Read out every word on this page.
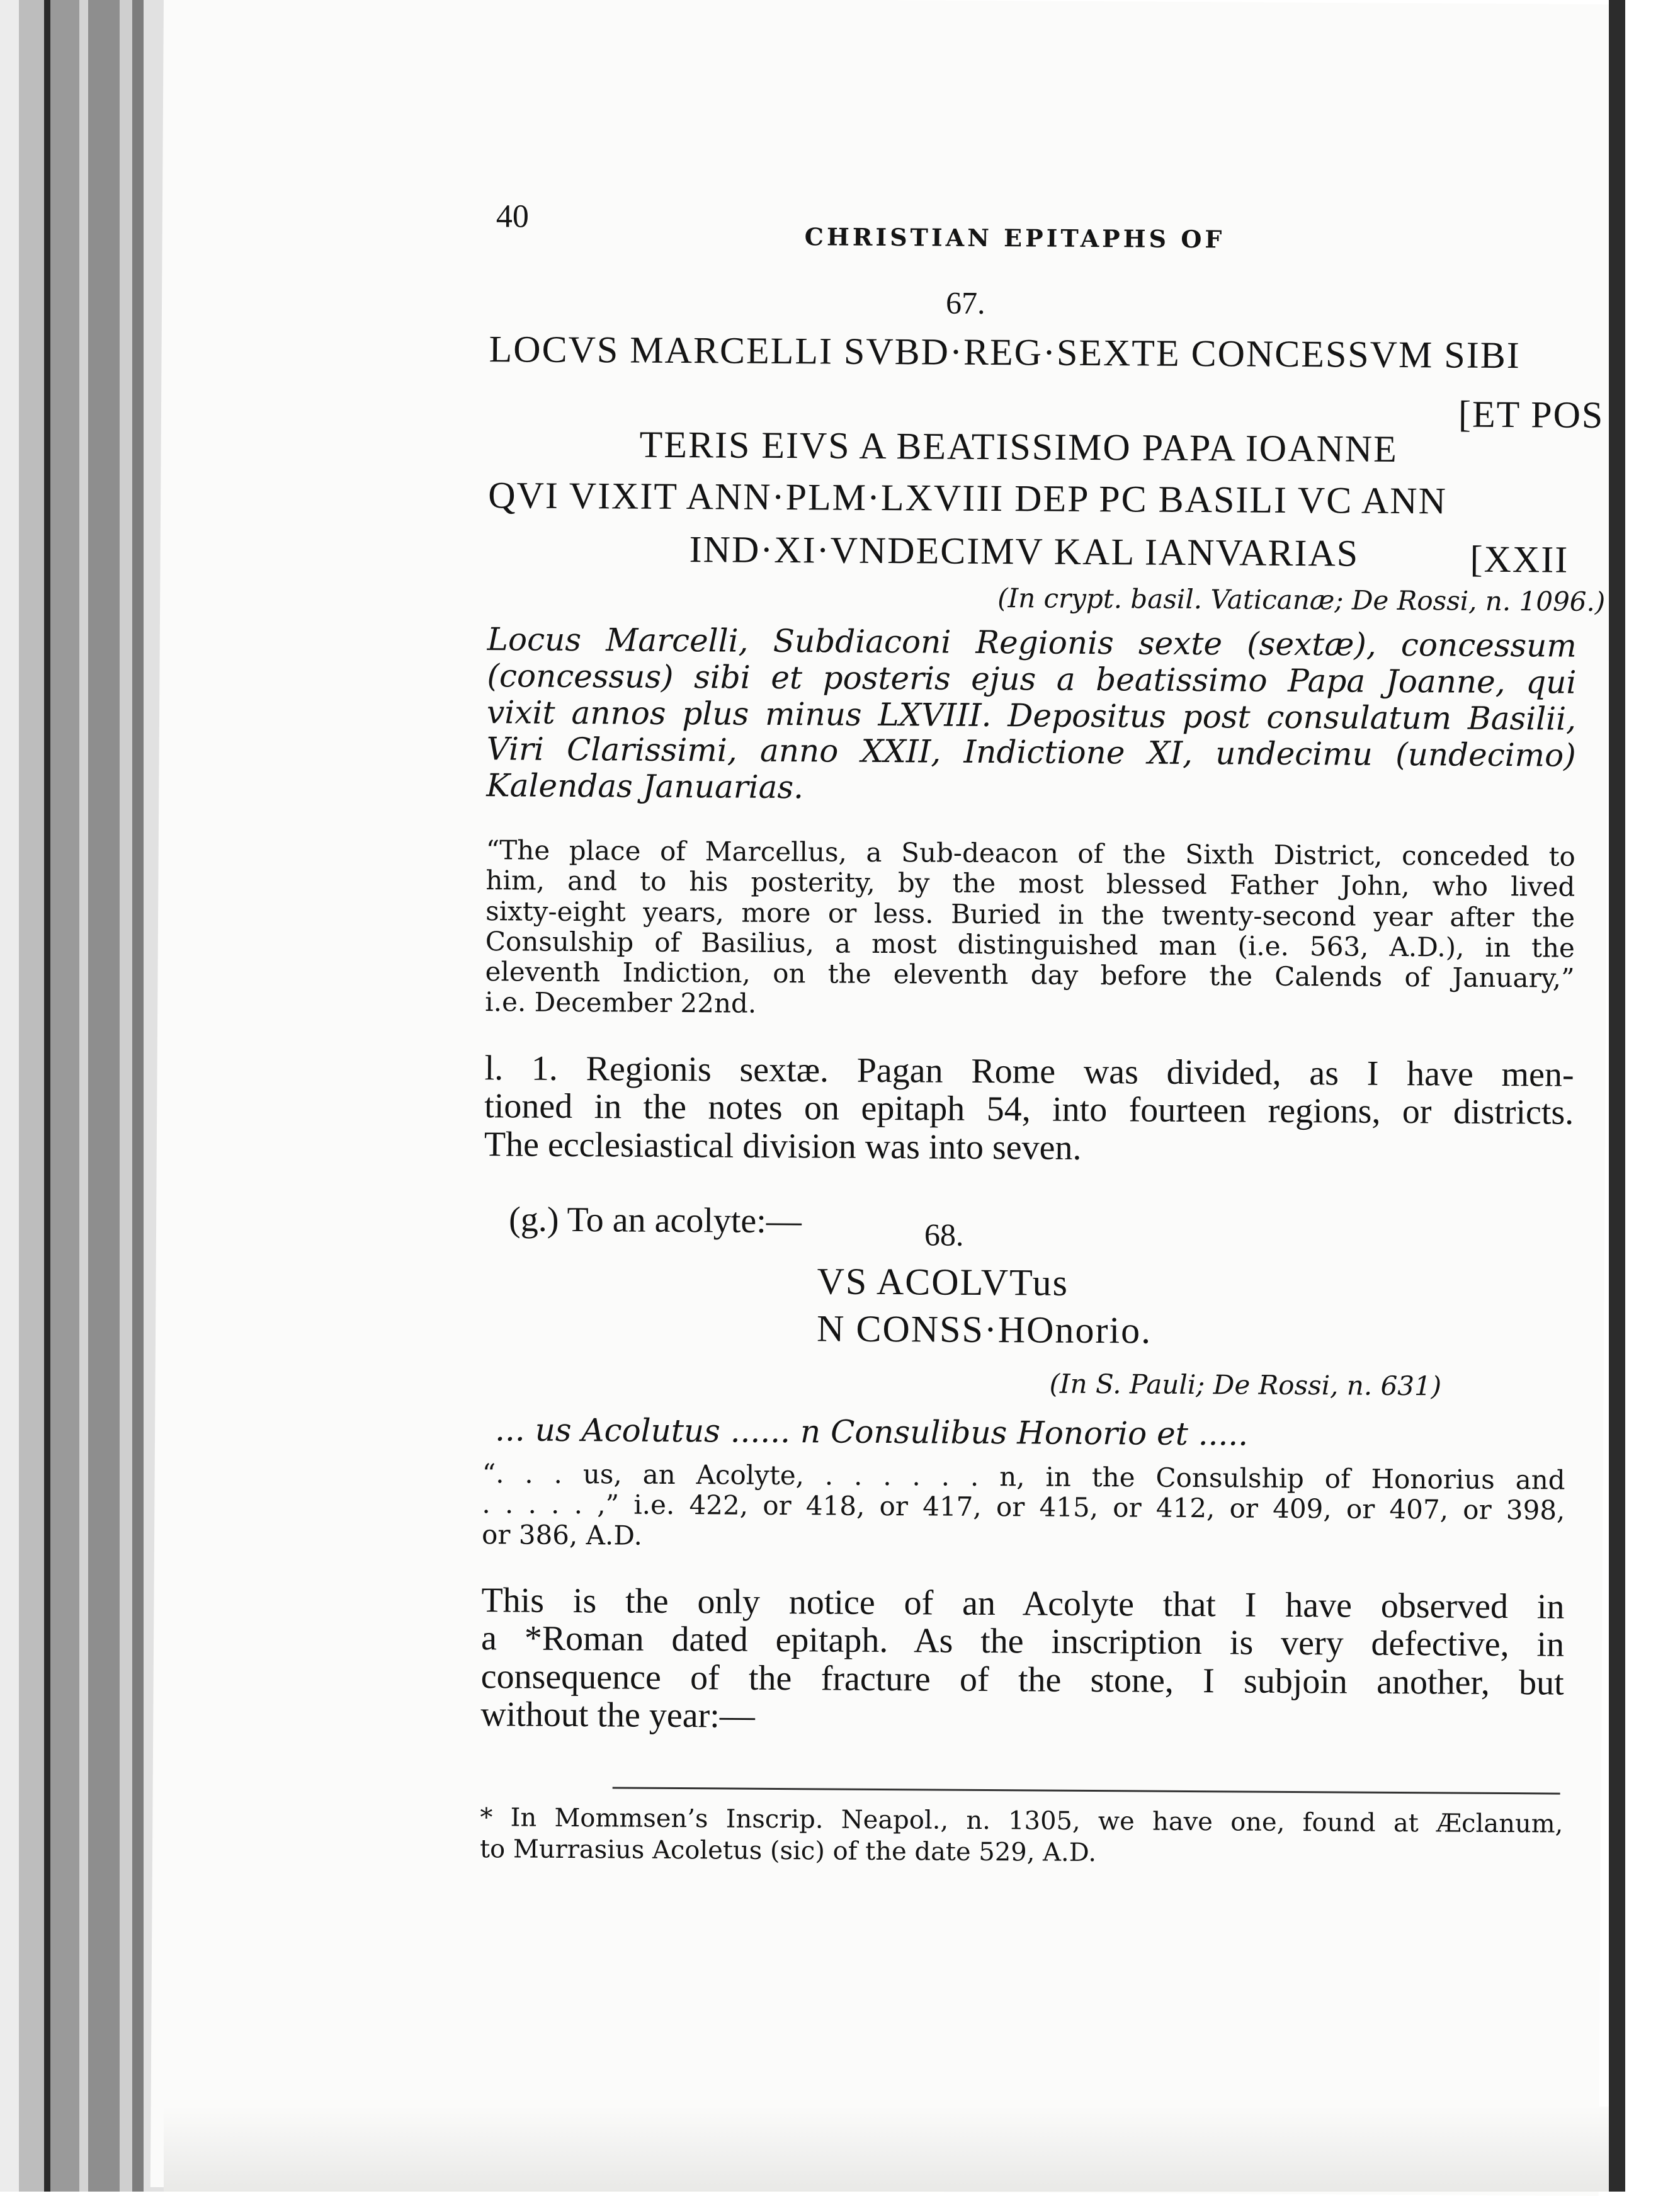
40
CHRISTIAN EPITAPHS OF
67.
LOCVS MARCELLI SVBD·REG·SEXTE CONCESSVM SIBI
[ET POS
TERIS EIVS A BEATISSIMO PAPA IOANNE
QVI VIXIT ANN·PLM·LXVIII DEP PC BASILI VC ANN
IND·XI·VNDECIMV KAL IANVARIAS	[XXII
(In crypt. basil. Vaticanæ; De Rossi, n. 1096.)
Locus Marcelli, Subdiaconi Regionis sexte (sextæ), concessum
(concessus) sibi et posteris ejus a beatissimo Papa Joanne, qui
vixit annos plus minus LXVIII. Depositus post consulatum Basilii,
Viri Clarissimi, anno XXII, Indictione XI, undecimu (undecimo)
Kalendas Januarias.
“The place of Marcellus, a Sub-deacon of the Sixth District, conceded to
him, and to his posterity, by the most blessed Father John, who lived
sixty-eight years, more or less. Buried in the twenty-second year after the
Consulship of Basilius, a most distinguished man (i.e. 563, A.D.), in the
eleventh Indiction, on the eleventh day before the Calends of January,”
i.e. December 22nd.
l. 1. Regionis sextæ. Pagan Rome was divided, as I have men-
tioned in the notes on epitaph 54, into fourteen regions, or districts.
The ecclesiastical division was into seven.
(g.) To an acolyte:—	68.
VS ACOLVTus
N CONSS·HOnorio.
(In S. Pauli; De Rossi, n. 631)
... us Acolutus ...... n Consulibus Honorio et .....
“. . . us, an Acolyte, . . . . . . n, in the Consulship of Honorius and
. . . . . ,” i.e. 422, or 418, or 417, or 415, or 412, or 409, or 407, or 398,
or 386, A.D.
This is the only notice of an Acolyte that I have observed in
a *Roman dated epitaph. As the inscription is very defective, in
consequence of the fracture of the stone, I subjoin another, but
without the year:—
* In Mommsen’s Inscrip. Neapol., n. 1305, we have one, found at Æclanum,
to Murrasius Acoletus (sic) of the date 529, A.D.
